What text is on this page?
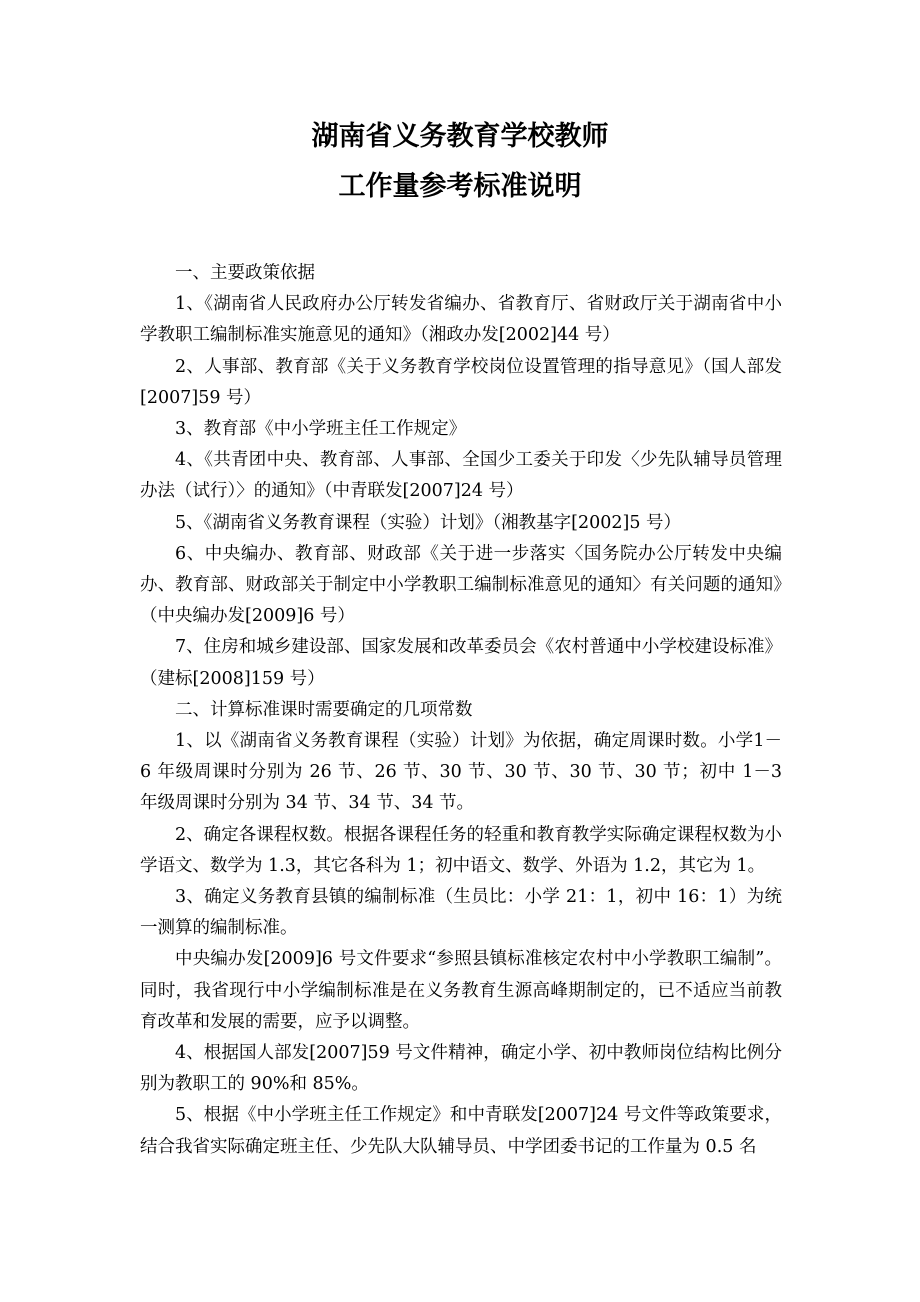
湖南省义务教育学校教师
工作量参考标准说明

一、主要政策依据

1、《湖南省人民政府办公厅转发省编办、省教育厅、省财政厅关于湖南省中小学教职工编制标准实施意见的通知》（湘政办发[2002]44 号）

2、人事部、教育部《关于义务教育学校岗位设置管理的指导意见》（国人部发[2007]59 号）

3、教育部《中小学班主任工作规定》

4、《共青团中央、教育部、人事部、全国少工委关于印发〈少先队辅导员管理办法（试行）〉的通知》（中青联发[2007]24 号）

5、《湖南省义务教育课程（实验）计划》（湘教基字[2002]5 号）

6、中央编办、教育部、财政部《关于进一步落实〈国务院办公厅转发中央编办、教育部、财政部关于制定中小学教职工编制标准意见的通知〉有关问题的通知》（中央编办发[2009]6 号）

7、住房和城乡建设部、国家发展和改革委员会《农村普通中小学校建设标准》（建标[2008]159 号）

二、计算标准课时需要确定的几项常数

1、以《湖南省义务教育课程（实验）计划》为依据，确定周课时数。小学1－6 年级周课时分别为 26 节、26 节、30 节、30 节、30 节、30 节；初中 1－3 年级周课时分别为 34 节、34 节、34 节。

2、确定各课程权数。根据各课程任务的轻重和教育教学实际确定课程权数为小学语文、数学为 1.3，其它各科为 1；初中语文、数学、外语为 1.2，其它为 1。

3、确定义务教育县镇的编制标准（生员比：小学 21：1，初中 16：1）为统一测算的编制标准。

中央编办发[2009]6 号文件要求“参照县镇标准核定农村中小学教职工编制”。同时，我省现行中小学编制标准是在义务教育生源高峰期制定的，已不适应当前教育改革和发展的需要，应予以调整。

4、根据国人部发[2007]59 号文件精神，确定小学、初中教师岗位结构比例分别为教职工的 90%和 85%。

5、根据《中小学班主任工作规定》和中青联发[2007]24 号文件等政策要求，结合我省实际确定班主任、少先队大队辅导员、中学团委书记的工作量为 0.5 名
